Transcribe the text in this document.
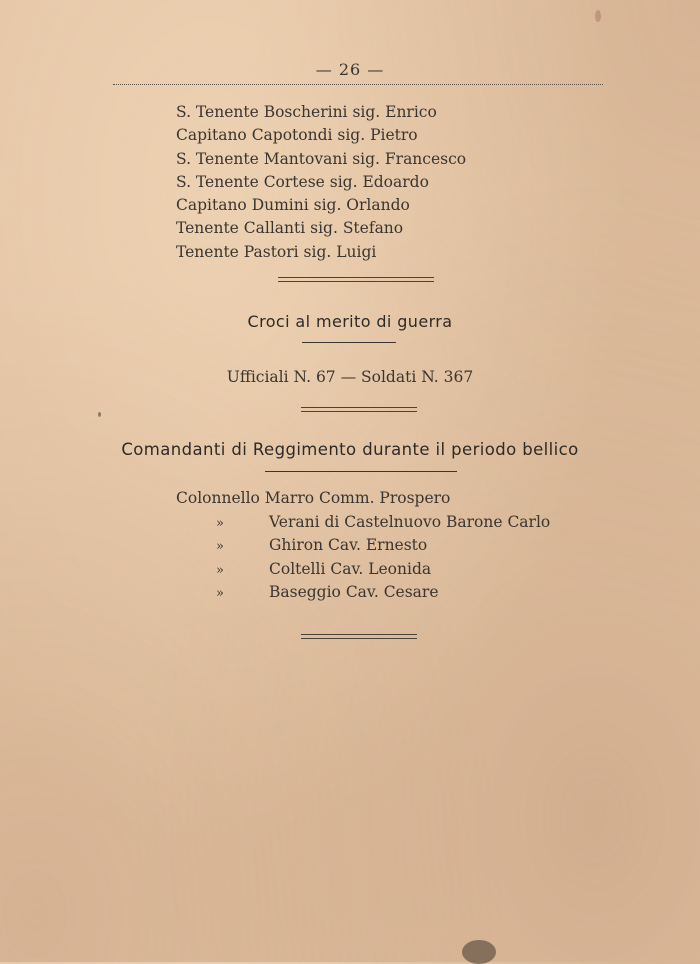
— 26 —
S. Tenente Boscherini sig. Enrico
Capitano Capotondi sig. Pietro
S. Tenente Mantovani sig. Francesco
S. Tenente Cortese sig. Edoardo
Capitano Dumini sig. Orlando
Tenente Callanti sig. Stefano
Tenente Pastori sig. Luigi
Croci al merito di guerra
Ufficiali N. 67 — Soldati N. 367
Comandanti di Reggimento durante il periodo bellico
Colonnello Marro Comm. Prospero
»	Verani di Castelnuovo Barone Carlo
»	Ghiron Cav. Ernesto
»	Coltelli Cav. Leonida
»	Baseggio Cav. Cesare
